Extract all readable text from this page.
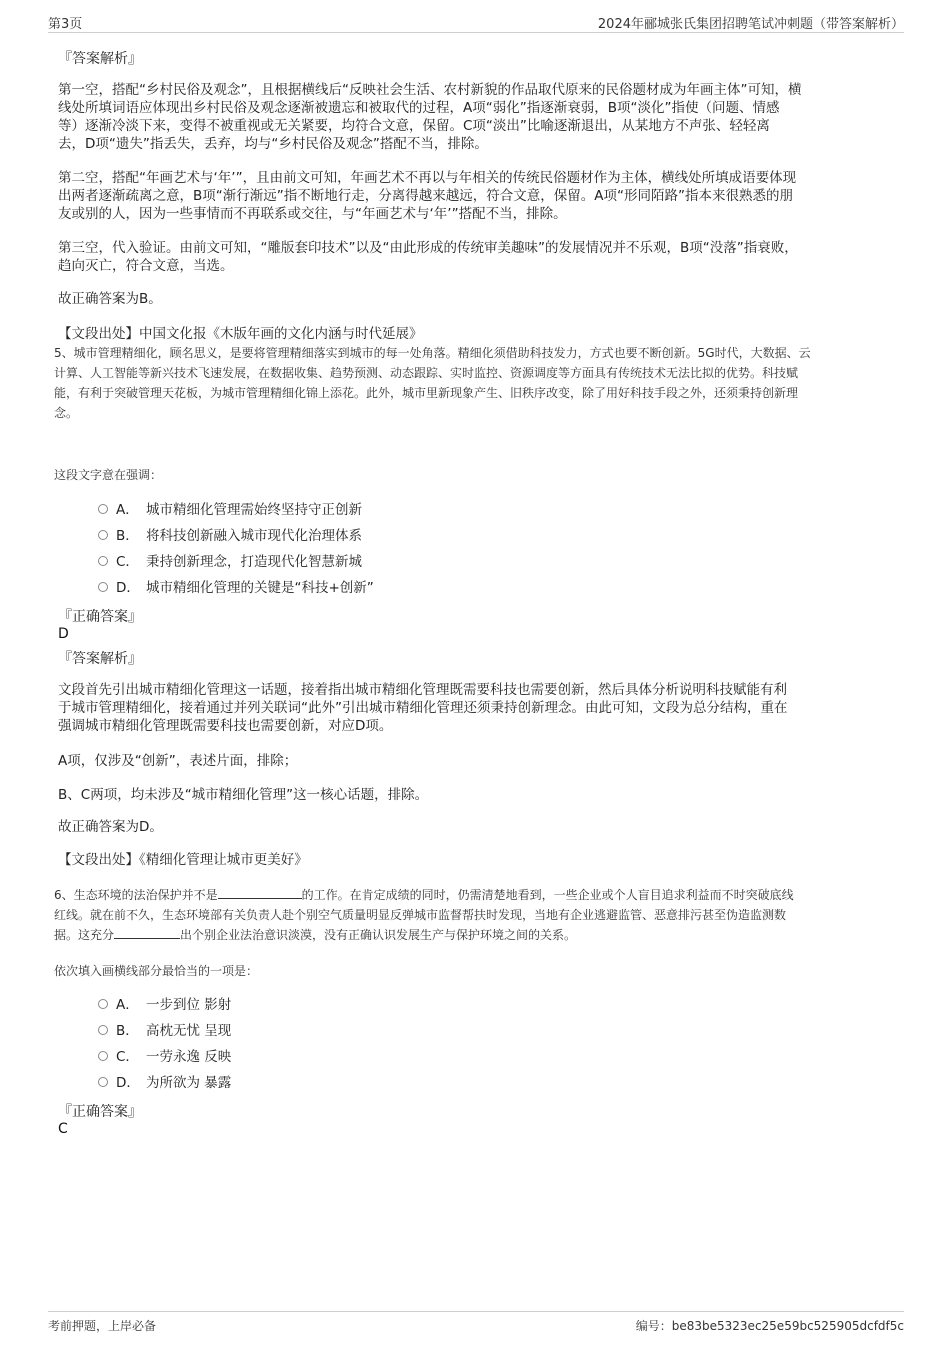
第3页	2024年郦城张氏集团招聘笔试冲刺题（带答案解析）
『答案解析』
第一空，搭配“乡村民俗及观念”，且根据横线后“反映社会生活、农村新貌的作品取代原来的民俗题材成为年画主体”可知，横
线处所填词语应体现出乡村民俗及观念逐渐被遗忘和被取代的过程，A项“弱化”指逐渐衰弱，B项“淡化”指使（问题、情感
等）逐渐冷淡下来，变得不被重视或无关紧要，均符合文意，保留。C项“淡出”比喻逐渐退出，从某地方不声张、轻轻离
去，D项“遗失”指丢失，丢弃，均与“乡村民俗及观念”搭配不当，排除。
第二空，搭配“年画艺术与‘年’”，且由前文可知，年画艺术不再以与年相关的传统民俗题材作为主体，横线处所填成语要体现
出两者逐渐疏离之意，B项“渐行渐远”指不断地行走，分离得越来越远，符合文意，保留。A项“形同陌路”指本来很熟悉的朋
友或别的人，因为一些事情而不再联系或交往，与“年画艺术与‘年’”搭配不当，排除。
第三空，代入验证。由前文可知，“雕版套印技术”以及“由此形成的传统审美趣味”的发展情况并不乐观，B项“没落”指衰败，
趋向灭亡，符合文意，当选。
故正确答案为B。
【文段出处】中国文化报《木版年画的文化内涵与时代延展》
5、城市管理精细化，顾名思义，是要将管理精细落实到城市的每一处角落。精细化须借助科技发力，方式也要不断创新。5G时代，大数据、云
计算、人工智能等新兴技术飞速发展，在数据收集、趋势预测、动态跟踪、实时监控、资源调度等方面具有传统技术无法比拟的优势。科技赋
能，有利于突破管理天花板，为城市管理精细化锦上添花。此外，城市里新现象产生、旧秩序改变，除了用好科技手段之外，还须秉持创新理
念。
这段文字意在强调：
A． 城市精细化管理需始终坚持守正创新
B． 将科技创新融入城市现代化治理体系
C． 秉持创新理念，打造现代化智慧新城
D． 城市精细化管理的关键是“科技+创新”
『正确答案』
D
『答案解析』
文段首先引出城市精细化管理这一话题，接着指出城市精细化管理既需要科技也需要创新，然后具体分析说明科技赋能有利
于城市管理精细化，接着通过并列关联词“此外”引出城市精细化管理还须秉持创新理念。由此可知，文段为总分结构，重在
强调城市精细化管理既需要科技也需要创新，对应D项。
A项，仅涉及“创新”，表述片面，排除；
B、C两项，均未涉及“城市精细化管理”这一核心话题，排除。
故正确答案为D。
【文段出处】《精细化管理让城市更美好》
6、生态环境的法治保护并不是	的工作。在肯定成绩的同时，仍需清楚地看到，一些企业或个人盲目追求利益而不时突破底线
红线。就在前不久，生态环境部有关负责人赴个别空气质量明显反弹城市监督帮扶时发现，当地有企业逃避监管、恶意排污甚至伪造监测数
据。这充分	出个别企业法治意识淡漠，没有正确认识发展生产与保护环境之间的关系。
依次填入画横线部分最恰当的一项是：
A． 一步到位 影射
B． 高枕无忧 呈现
C． 一劳永逸 反映
D． 为所欲为 暴露
『正确答案』
C
考前押题，上岸必备	编号：be83be5323ec25e59bc525905dcfdf5c
